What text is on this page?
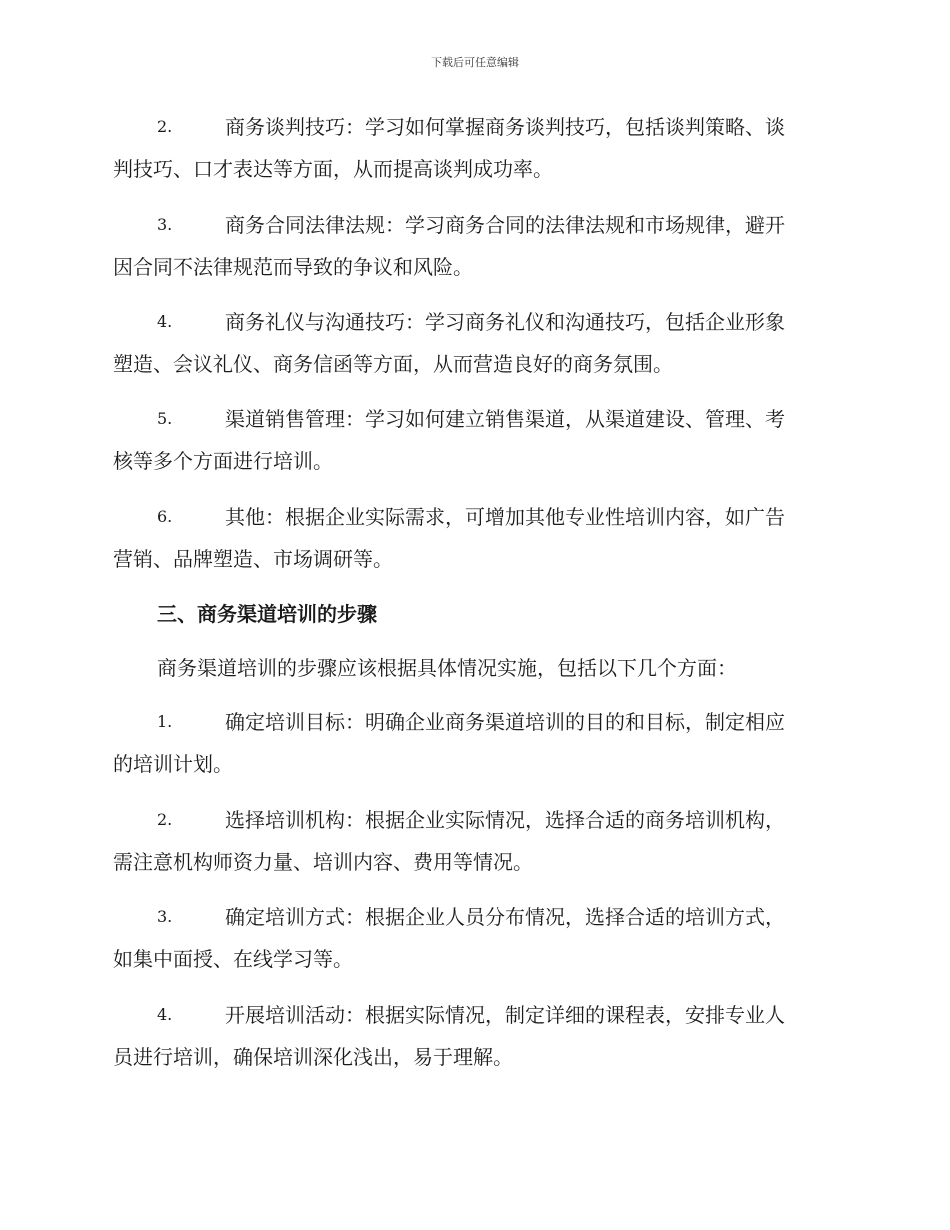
下载后可任意编辑
2.	商务谈判技巧：学习如何掌握商务谈判技巧，包括谈判策略、谈
判技巧、口才表达等方面，从而提高谈判成功率。
3.	商务合同法律法规：学习商务合同的法律法规和市场规律，避开
因合同不法律规范而导致的争议和风险。
4.	商务礼仪与沟通技巧：学习商务礼仪和沟通技巧，包括企业形象
塑造、会议礼仪、商务信函等方面，从而营造良好的商务氛围。
5.	渠道销售管理：学习如何建立销售渠道，从渠道建设、管理、考
核等多个方面进行培训。
6.	其他：根据企业实际需求，可增加其他专业性培训内容，如广告
营销、品牌塑造、市场调研等。
三、商务渠道培训的步骤
商务渠道培训的步骤应该根据具体情况实施，包括以下几个方面：
1.	确定培训目标：明确企业商务渠道培训的目的和目标，制定相应
的培训计划。
2.	选择培训机构：根据企业实际情况，选择合适的商务培训机构，
需注意机构师资力量、培训内容、费用等情况。
3.	确定培训方式：根据企业人员分布情况，选择合适的培训方式，
如集中面授、在线学习等。
4.	开展培训活动：根据实际情况，制定详细的课程表，安排专业人
员进行培训，确保培训深化浅出，易于理解。
